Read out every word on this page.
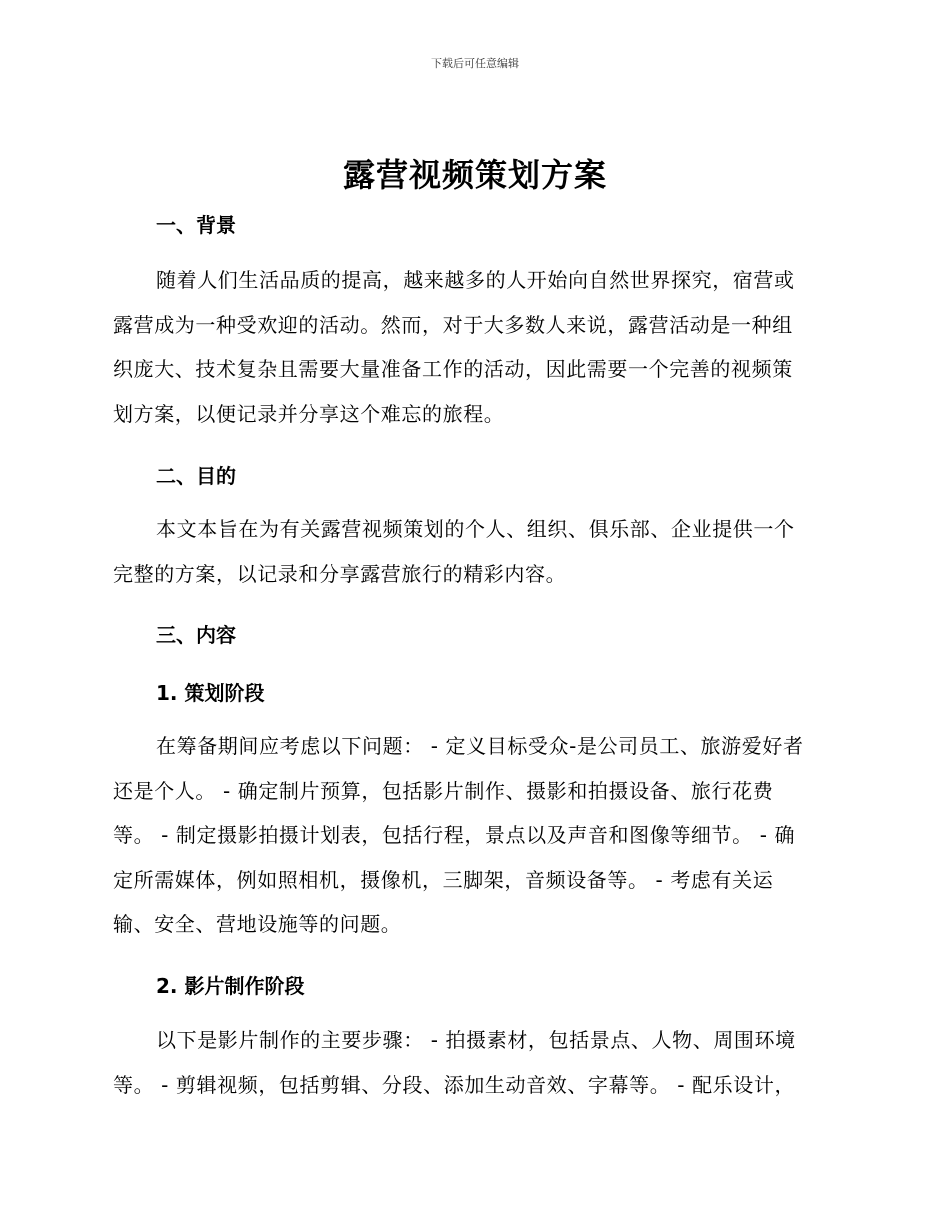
下载后可任意编辑
露营视频策划方案
一、背景
随着人们生活品质的提高，越来越多的人开始向自然世界探究，宿营或
露营成为一种受欢迎的活动。然而，对于大多数人来说，露营活动是一种组
织庞大、技术复杂且需要大量准备工作的活动，因此需要一个完善的视频策
划方案，以便记录并分享这个难忘的旅程。
二、目的
本文本旨在为有关露营视频策划的个人、组织、俱乐部、企业提供一个
完整的方案，以记录和分享露营旅行的精彩内容。
三、内容
1. 策划阶段
在筹备期间应考虑以下问题： - 定义目标受众-是公司员工、旅游爱好者
还是个人。 - 确定制片预算，包括影片制作、摄影和拍摄设备、旅行花费
等。 - 制定摄影拍摄计划表，包括行程，景点以及声音和图像等细节。 - 确
定所需媒体，例如照相机，摄像机，三脚架，音频设备等。 - 考虑有关运
输、安全、营地设施等的问题。
2. 影片制作阶段
以下是影片制作的主要步骤： - 拍摄素材，包括景点、人物、周围环境
等。 - 剪辑视频，包括剪辑、分段、添加生动音效、字幕等。 - 配乐设计，
